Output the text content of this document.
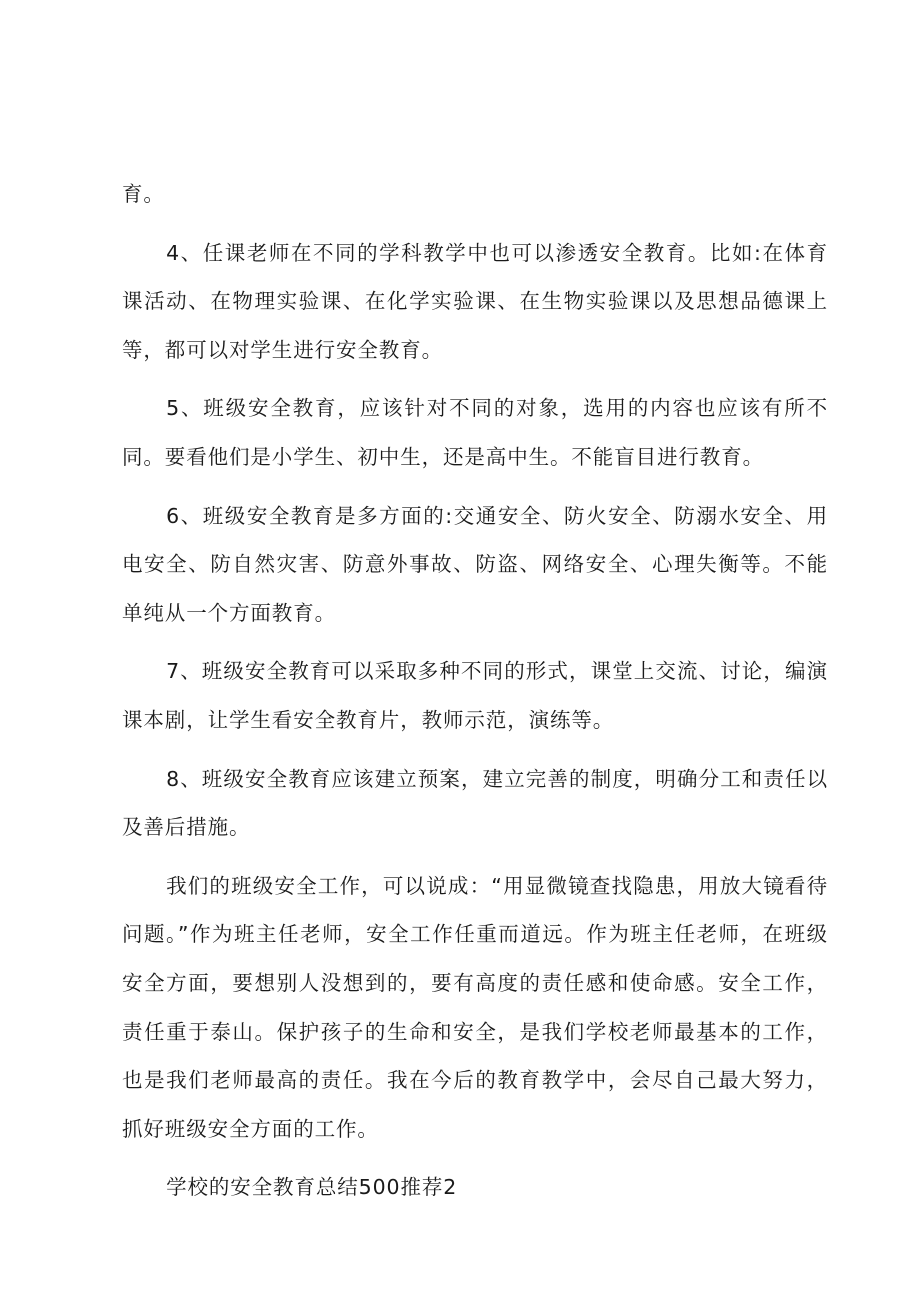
育。

4、任课老师在不同的学科教学中也可以渗透安全教育。比如:在体育课活动、在物理实验课、在化学实验课、在生物实验课以及思想品德课上等，都可以对学生进行安全教育。

5、班级安全教育，应该针对不同的对象，选用的内容也应该有所不同。要看他们是小学生、初中生，还是高中生。不能盲目进行教育。

6、班级安全教育是多方面的:交通安全、防火安全、防溺水安全、用电安全、防自然灾害、防意外事故、防盗、网络安全、心理失衡等。不能单纯从一个方面教育。

7、班级安全教育可以采取多种不同的形式，课堂上交流、讨论，编演课本剧，让学生看安全教育片，教师示范，演练等。

8、班级安全教育应该建立预案，建立完善的制度，明确分工和责任以及善后措施。

我们的班级安全工作，可以说成：“用显微镜查找隐患，用放大镜看待问题。”作为班主任老师，安全工作任重而道远。作为班主任老师，在班级安全方面，要想别人没想到的，要有高度的责任感和使命感。安全工作，责任重于泰山。保护孩子的生命和安全，是我们学校老师最基本的工作，也是我们老师最高的责任。我在今后的教育教学中，会尽自己最大努力，抓好班级安全方面的工作。

学校的安全教育总结500推荐2
